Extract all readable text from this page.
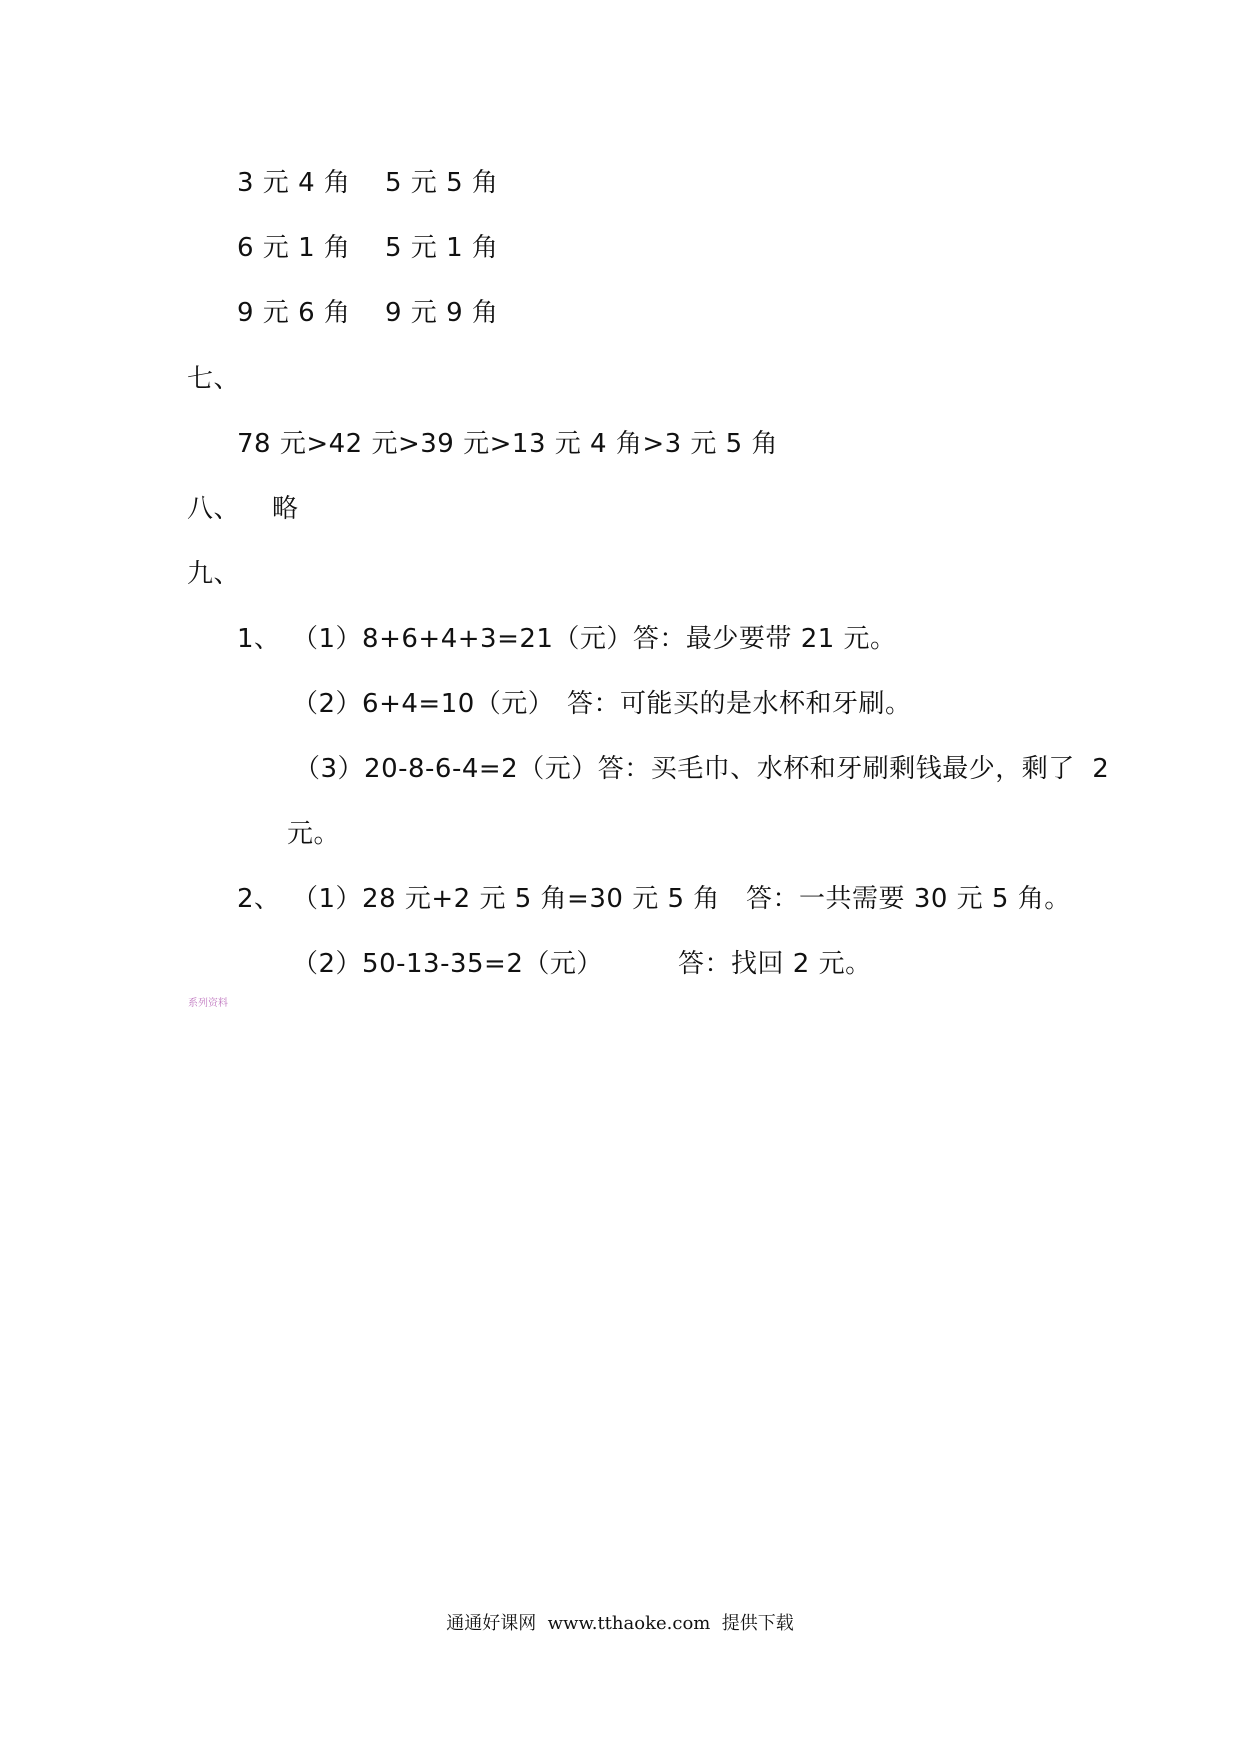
3 元 4 角 5 元 5 角
6 元 1 角 5 元 1 角
9 元 6 角 9 元 9 角
七、
78 元>42 元>39 元>13 元 4 角>3 元 5 角
八、 略
九、
1、 （1）8+6+4+3=21（元）答：最少要带 21 元。
（2）6+4=10（元） 答：可能买的是水杯和牙刷。
（3）20-8-6-4=2（元）答：买毛巾、水杯和牙刷剩钱最少，剩了  2
元。
2、 （1）28 元+2 元 5 角=30 元 5 角   答：一共需要 30 元 5 角。
（2）50-13-35=2（元）	答：找回 2 元。
系列资料
通通好课网  www.tthaoke.com  提供下载
